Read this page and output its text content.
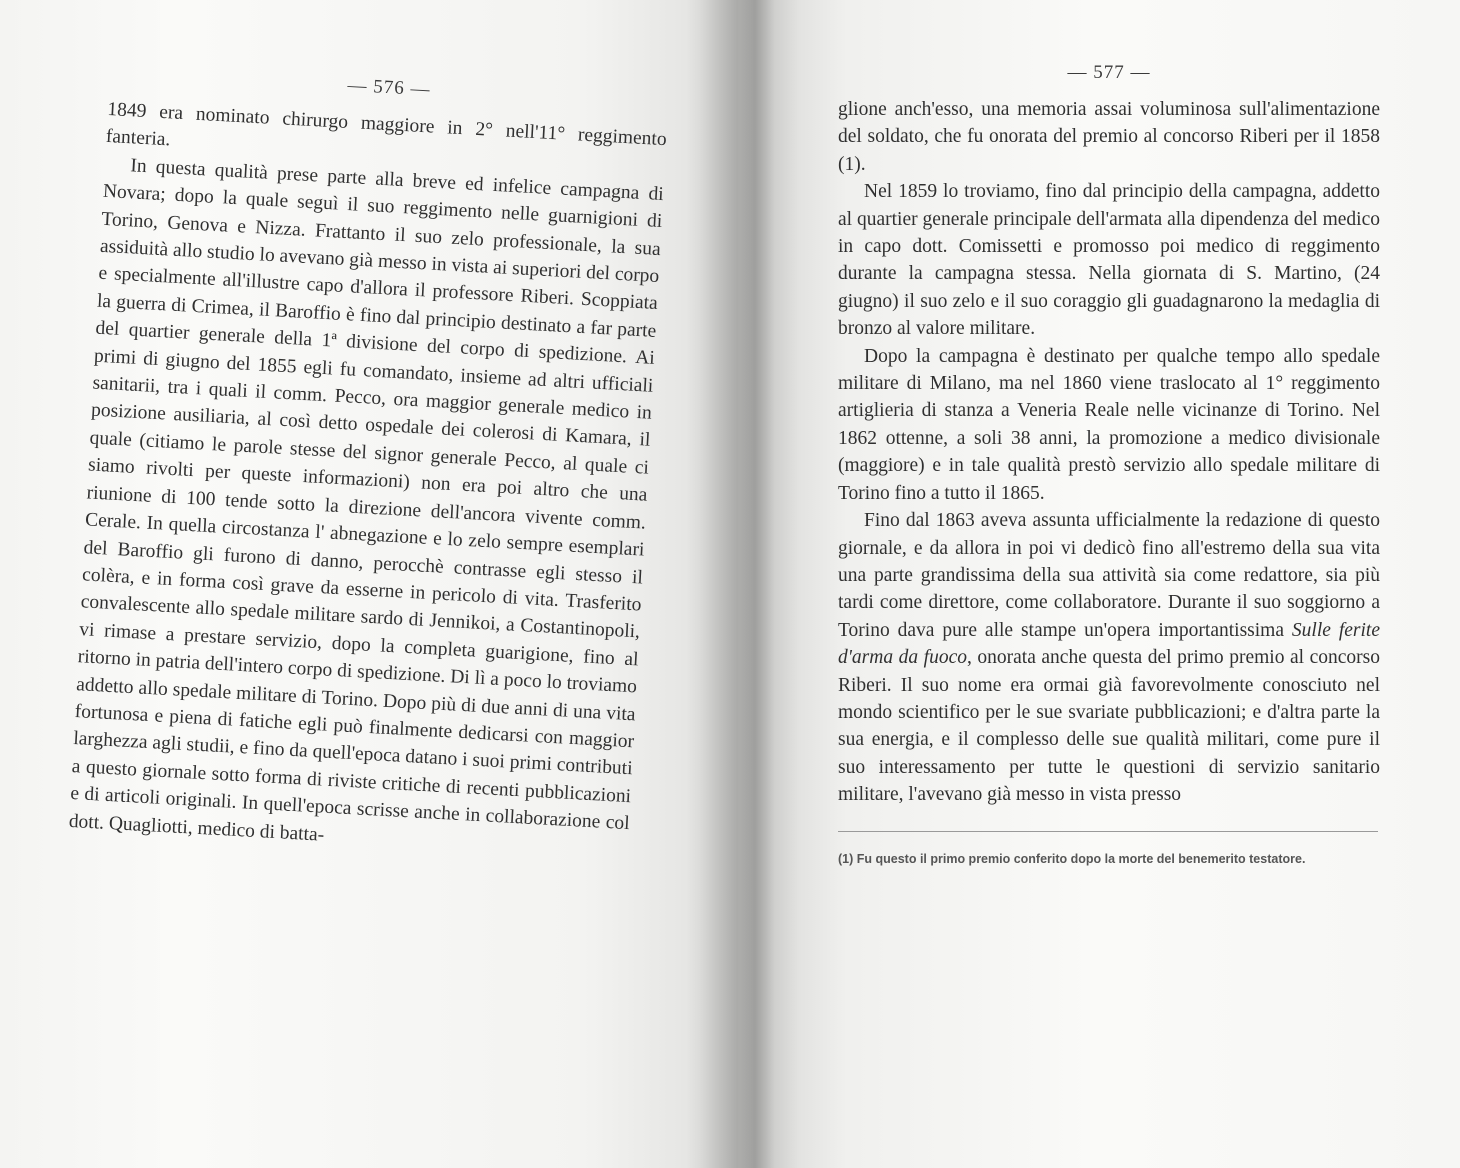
— 576 —

1849 era nominato chirurgo maggiore in 2° nell'11° reggimento fanteria.

In questa qualità prese parte alla breve ed infelice campagna di Novara; dopo la quale seguì il suo reggimento nelle guarnigioni di Torino, Genova e Nizza. Frattanto il suo zelo professionale, la sua assiduità allo studio lo avevano già messo in vista ai superiori del corpo e specialmente all'illustre capo d'allora il professore Riberi. Scoppiata la guerra di Crimea, il Baroffio è fino dal principio destinato a far parte del quartier generale della 1ª divisione del corpo di spedizione. Ai primi di giugno del 1855 egli fu comandato, insieme ad altri ufficiali sanitarii, tra i quali il comm. Pecco, ora maggior generale medico in posizione ausiliaria, al così detto ospedale dei colerosi di Kamara, il quale (citiamo le parole stesse del signor generale Pecco, al quale ci siamo rivolti per queste informazioni) non era poi altro che una riunione di 100 tende sotto la direzione dell'ancora vivente comm. Cerale. In quella circostanza l' abnegazione e lo zelo sempre esemplari del Baroffio gli furono di danno, perocchè contrasse egli stesso il colèra, e in forma così grave da esserne in pericolo di vita. Trasferito convalescente allo spedale militare sardo di Jennikoi, a Costantinopoli, vi rimase a prestare servizio, dopo la completa guarigione, fino al ritorno in patria dell'intero corpo di spedizione. Di lì a poco lo troviamo addetto allo spedale militare di Torino. Dopo più di due anni di una vita fortunosa e piena di fatiche egli può finalmente dedicarsi con maggior larghezza agli studii, e fino da quell'epoca datano i suoi primi contributi a questo giornale sotto forma di riviste critiche di recenti pubblicazioni e di articoli originali. In quell'epoca scrisse anche in collaborazione col dott. Quagliotti, medico di batta-

— 577 —

glione anch'esso, una memoria assai voluminosa sull'alimentazione del soldato, che fu onorata del premio al concorso Riberi per il 1858 (1).

Nel 1859 lo troviamo, fino dal principio della campagna, addetto al quartier generale principale dell'armata alla dipendenza del medico in capo dott. Comissetti e promosso poi medico di reggimento durante la campagna stessa. Nella giornata di S. Martino, (24 giugno) il suo zelo e il suo coraggio gli guadagnarono la medaglia di bronzo al valore militare.

Dopo la campagna è destinato per qualche tempo allo spedale militare di Milano, ma nel 1860 viene traslocato al 1° reggimento artiglieria di stanza a Veneria Reale nelle vicinanze di Torino. Nel 1862 ottenne, a soli 38 anni, la promozione a medico divisionale (maggiore) e in tale qualità prestò servizio allo spedale militare di Torino fino a tutto il 1865.

Fino dal 1863 aveva assunta ufficialmente la redazione di questo giornale, e da allora in poi vi dedicò fino all'estremo della sua vita una parte grandissima della sua attività sia come redattore, sia più tardi come direttore, come collaboratore. Durante il suo soggiorno a Torino dava pure alle stampe un'opera importantissima Sulle ferite d'arma da fuoco, onorata anche questa del primo premio al concorso Riberi. Il suo nome era ormai già favorevolmente conosciuto nel mondo scientifico per le sue svariate pubblicazioni; e d'altra parte la sua energia, e il complesso delle sue qualità militari, come pure il suo interessamento per tutte le questioni di servizio sanitario militare, l'avevano già messo in vista presso

(1) Fu questo il primo premio conferito dopo la morte del benemerito testatore.
